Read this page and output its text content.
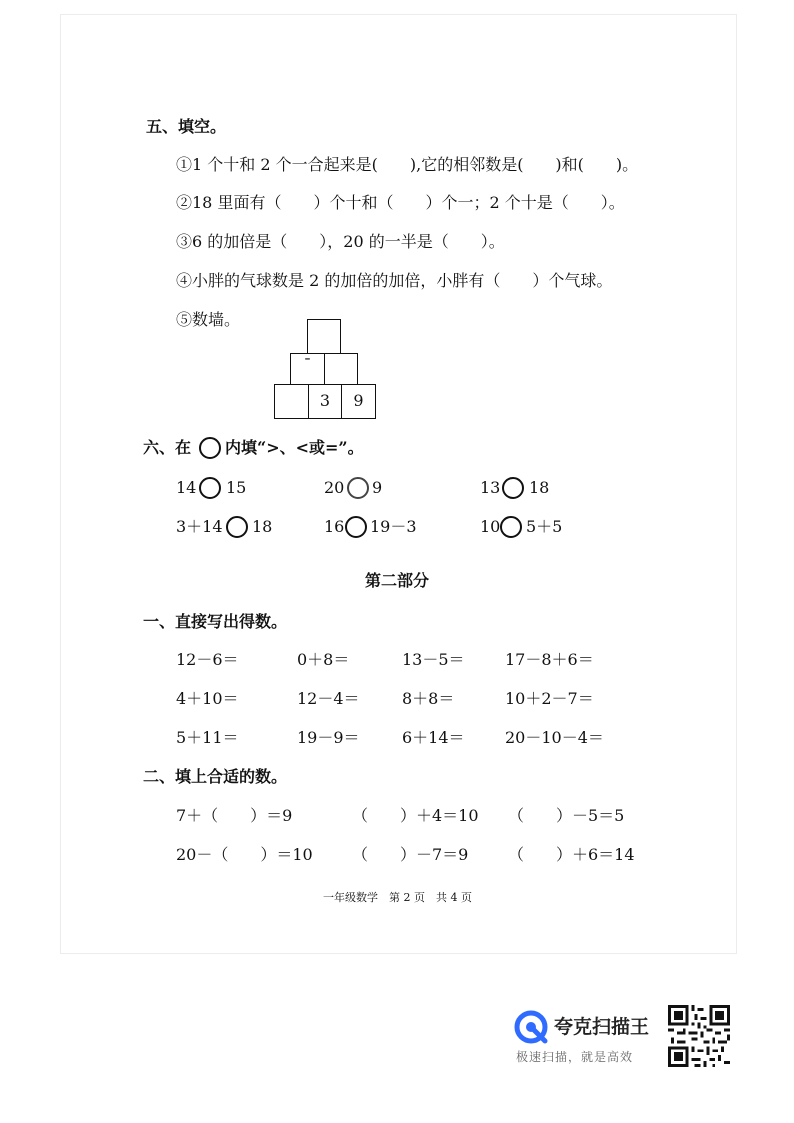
五、填空。
①1 个十和 2 个一合起来是(　　),它的相邻数是(　　)和(　　)。
②18 里面有（　　）个十和（　　）个一；2 个十是（　　）。
③6 的加倍是（　　），20 的一半是（　　）。
④小胖的气球数是 2 的加倍的加倍，小胖有（　　）个气球。
⑤数墙。
ˉ
3	9
六、在 内填“>、<或=”。
14 15	20 9	13 18
3＋14 18	16 19－3	10 5＋5
第二部分
一、直接写出得数。
12－6＝	0＋8＝	13－5＝	17－8＋6＝
4＋10＝	12－4＝	8＋8＝	10＋2－7＝
5＋11＝	19－9＝	6＋14＝	20－10－4＝
二、填上合适的数。
7＋（　　）＝9	（　　）＋4＝10 （　　）－5＝5
20－（　　）＝10 （　　）－7＝9 （　　）＋6＝14
一年级数学　第 2 页　共 4 页
夸克扫描王
极速扫描，就是高效
